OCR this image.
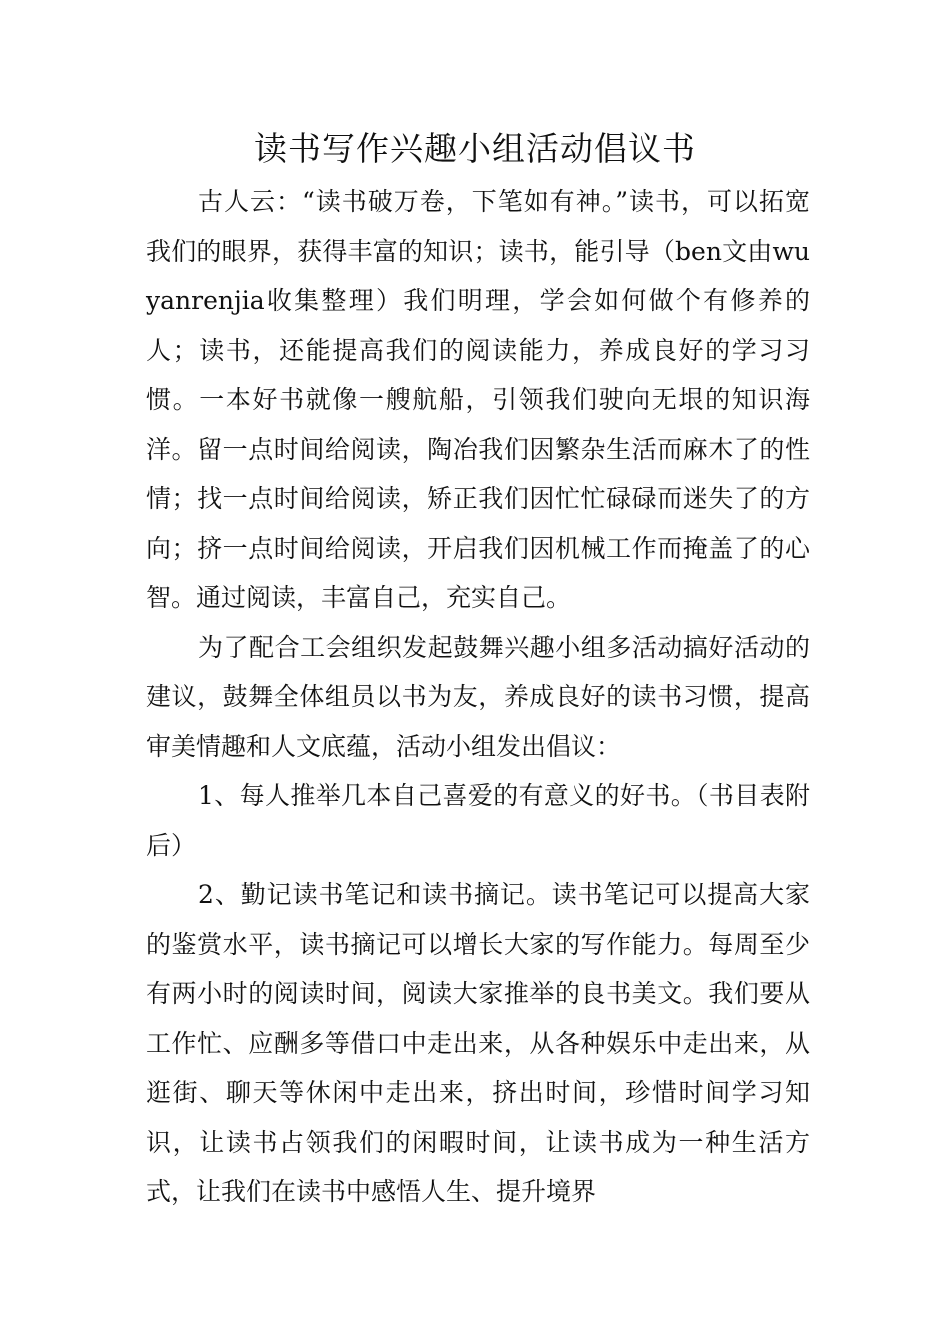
读书写作兴趣小组活动倡议书

古人云：“读书破万卷，下笔如有神。”读书，可以拓宽我们的眼界，获得丰富的知识；读书，能引导（ben文由wuyanrenjia收集整理）我们明理，学会如何做个有修养的人；读书，还能提高我们的阅读能力，养成良好的学习习惯。一本好书就像一艘航船，引领我们驶向无垠的知识海洋。留一点时间给阅读，陶冶我们因繁杂生活而麻木了的性情；找一点时间给阅读，矫正我们因忙忙碌碌而迷失了的方向；挤一点时间给阅读，开启我们因机械工作而掩盖了的心智。通过阅读，丰富自己，充实自己。

为了配合工会组织发起鼓舞兴趣小组多活动搞好活动的建议，鼓舞全体组员以书为友，养成良好的读书习惯，提高审美情趣和人文底蕴，活动小组发出倡议：

1、每人推举几本自己喜爱的有意义的好书。（书目表附后）

2、勤记读书笔记和读书摘记。读书笔记可以提高大家的鉴赏水平，读书摘记可以增长大家的写作能力。每周至少有两小时的阅读时间，阅读大家推举的良书美文。我们要从工作忙、应酬多等借口中走出来，从各种娱乐中走出来，从逛街、聊天等休闲中走出来，挤出时间，珍惜时间学习知识，让读书占领我们的闲暇时间，让读书成为一种生活方式，让我们在读书中感悟人生、提升境界
